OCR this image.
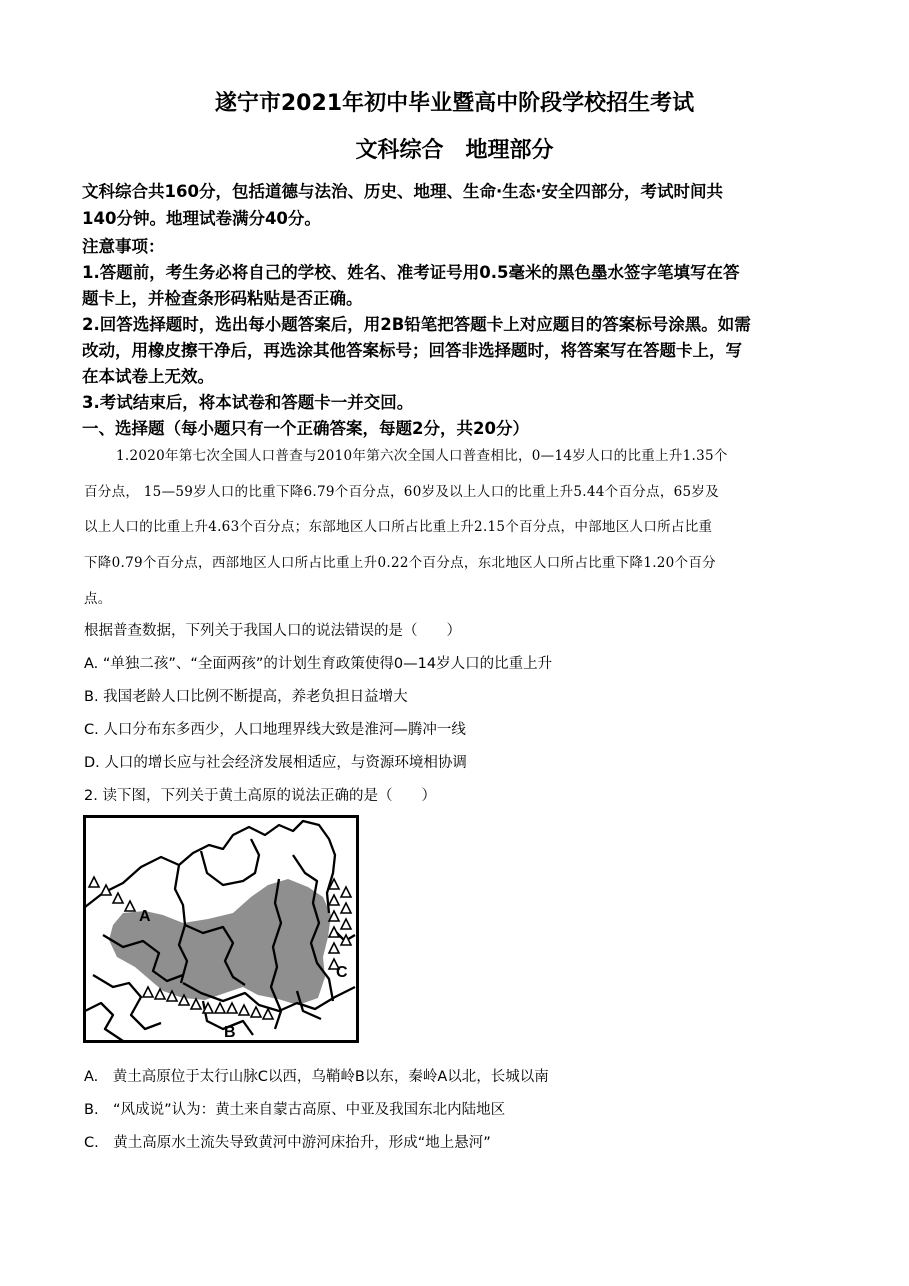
遂宁市2021年初中毕业暨高中阶段学校招生考试
文科综合　地理部分
文科综合共160分，包括道德与法治、历史、地理、生命·生态·安全四部分，考试时间共
140分钟。地理试卷满分40分。
注意事项：
1.答题前，考生务必将自己的学校、姓名、准考证号用0.5毫米的黑色墨水签字笔填写在答
题卡上，并检查条形码粘贴是否正确。
2.回答选择题时，选出每小题答案后，用2B铅笔把答题卡上对应题目的答案标号涂黑。如需
改动，用橡皮擦干净后，再选涂其他答案标号；回答非选择题时，将答案写在答题卡上，写
在本试卷上无效。
3.考试结束后，将本试卷和答题卡一并交回。
一、选择题（每小题只有一个正确答案，每题2分，共20分）
1.2020年第七次全国人口普查与2010年第六次全国人口普查相比，0—14岁人口的比重上升1.35个
百分点， 15—59岁人口的比重下降6.79个百分点，60岁及以上人口的比重上升5.44个百分点，65岁及
以上人口的比重上升4.63个百分点；东部地区人口所占比重上升2.15个百分点，中部地区人口所占比重
下降0.79个百分点，西部地区人口所占比重上升0.22个百分点，东北地区人口所占比重下降1.20个百分
点。
根据普查数据，下列关于我国人口的说法错误的是（　　）
A. “单独二孩”、“全面两孩”的计划生育政策使得0—14岁人口的比重上升
B. 我国老龄人口比例不断提高，养老负担日益增大
C. 人口分布东多西少，人口地理界线大致是淮河—腾冲一线
D. 人口的增长应与社会经济发展相适应，与资源环境相协调
2. 读下图，下列关于黄土高原的说法正确的是（　　）
A
B
C
A.　黄土高原位于太行山脉C以西，乌鞘岭B以东，秦岭A以北，长城以南
B.　“风成说”认为：黄土来自蒙古高原、中亚及我国东北内陆地区
C.　黄土高原水土流失导致黄河中游河床抬升，形成“地上悬河”
